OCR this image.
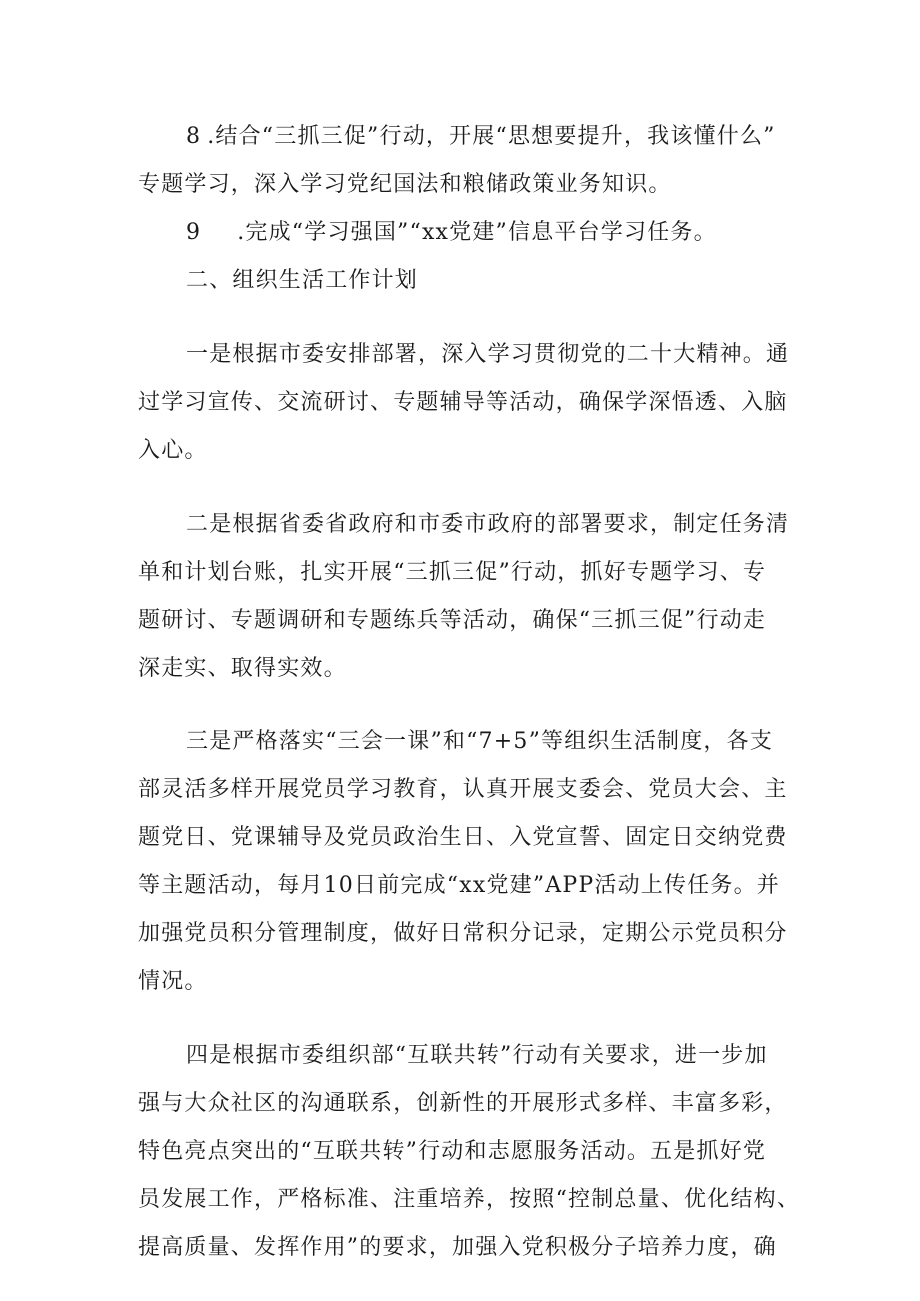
8 .结合“三抓三促”行动，开展“思想要提升，我该懂什么”
专题学习，深入学习党纪国法和粮储政策业务知识。
9 .完成“学习强国”“xx党建”信息平台学习任务。
二、组织生活工作计划
一是根据市委安排部署，深入学习贯彻党的二十大精神。通
过学习宣传、交流研讨、专题辅导等活动，确保学深悟透、入脑
入心。
二是根据省委省政府和市委市政府的部署要求，制定任务清
单和计划台账，扎实开展“三抓三促”行动，抓好专题学习、专
题研讨、专题调研和专题练兵等活动，确保“三抓三促”行动走
深走实、取得实效。
三是严格落实“三会一课”和“7+5”等组织生活制度，各支
部灵活多样开展党员学习教育，认真开展支委会、党员大会、主
题党日、党课辅导及党员政治生日、入党宣誓、固定日交纳党费
等主题活动，每月10日前完成“xx党建”APP活动上传任务。并
加强党员积分管理制度，做好日常积分记录，定期公示党员积分
情况。
四是根据市委组织部“互联共转”行动有关要求，进一步加
强与大众社区的沟通联系，创新性的开展形式多样、丰富多彩，
特色亮点突出的“互联共转”行动和志愿服务活动。五是抓好党
员发展工作，严格标准、注重培养，按照“控制总量、优化结构、
提高质量、发挥作用”的要求，加强入党积极分子培养力度，确
